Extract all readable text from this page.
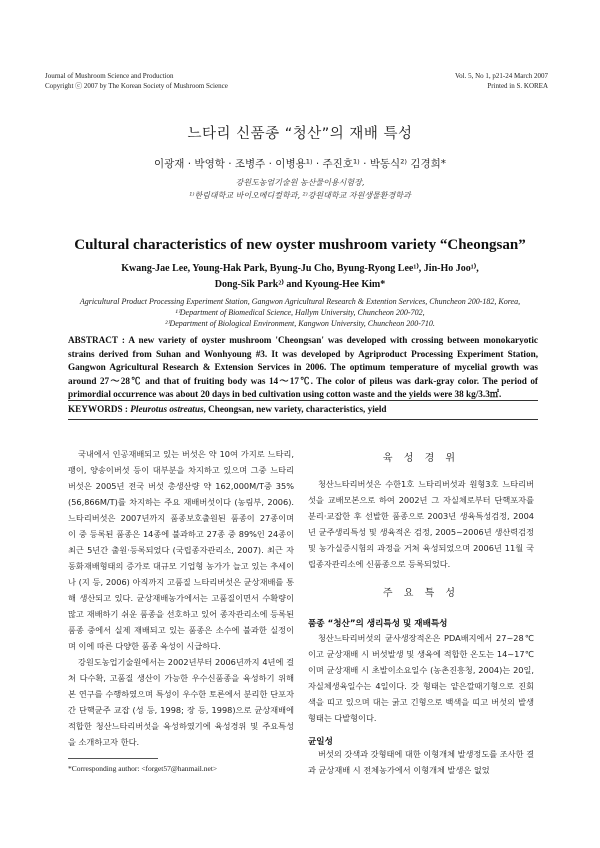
Journal of Mushroom Science and Production
Copyright ⓒ 2007 by The Korean Society of Mushroom Science
Vol. 5, No 1, p21-24 March 2007
Printed in S. KOREA
느타리 신품종 “청산”의 재배 특성
이광재 · 박영학 · 조병주 · 이병용¹⁾ · 주진호¹⁾ · 박동식²⁾ 김경희*
강원도농업기술원 농산물이용시험장,
¹⁾한림대학교 바이오메디컬학과, ²⁾강원대학교 자원생물환경학과
Cultural characteristics of new oyster mushroom variety “Cheongsan”
Kwang-Jae Lee, Young-Hak Park, Byung-Ju Cho, Byung-Ryong Lee¹⁾, Jin-Ho Joo¹⁾,
Dong-Sik Park²⁾ and Kyoung-Hee Kim*
Agricultural Product Processing Experiment Station, Gangwon Agricultural Research & Extention Services, Chuncheon 200-182, Korea,
¹⁾Department of Biomedical Science, Hallym University, Chuncheon 200-702,
²⁾Department of Biological Environment, Kangwon University, Chuncheon 200-710.
ABSTRACT : A new variety of oyster mushroom 'Cheongsan' was developed with crossing between monokaryotic strains derived from Suhan and Wonhyoung #3. It was developed by Agriproduct Processing Experiment Station, Gangwon Agricultural Research & Extension Services in 2006. The optimum temperature of mycelial growth was around 27～28℃ and that of fruiting body was 14～17℃. The color of pileus was dark-gray color. The period of primordial occurrence was about 20 days in bed cultivation using cotton waste and the yields were 38 kg/3.3㎡.
KEYWORDS : Pleurotus ostreatus, Cheongsan, new variety, characteristics, yield

국내에서 인공재배되고 있는 버섯은 약 10여 가지로 느타리, 팽이, 양송이버섯 등이 대부분을 차지하고 있으며 그중 느타리버섯은 2005년 전국 버섯 총생산량 약 162,000M/T중 35% (56,866M/T)를 차지하는 주요 재배버섯이다 (농림부, 2006). 느타리버섯은 2007년까지 품종보호출원된 품종이 27종이며 이 중 등록된 품종은 14종에 불과하고 27종 중 89%인 24종이 최근 5년간 출원·등록되었다 (국립종자관리소, 2007). 최근 자동화재배형태의 증가로 대규모 기업형 농가가 늘고 있는 추세이나 (지 등, 2006) 아직까지 고품질 느타리버섯은 균상재배를 통해 생산되고 있다. 균상재배농가에서는 고품질이면서 수확량이 많고 재배하기 쉬운 품종을 선호하고 있어 종자관리소에 등록된 품종 중에서 실제 재배되고 있는 품종은 소수에 불과한 실정이며 이에 따른 다양한 품종 육성이 시급하다.

강원도농업기술원에서는 2002년부터 2006년까지 4년에 걸쳐 다수확, 고품질 생산이 가능한 우수신품종을 육성하기 위해 본 연구를 수행하였으며 특성이 우수한 토론에서 분리한 단포자간 단핵균주 교잡 (성 등, 1998; 장 등, 1998)으로 균상재배에 적합한 청산느타리버섯을 육성하였기에 육성경위 및 주요특성을 소개하고자 한다.

육 성 경 위

청산느타리버섯은 수한1호 느타리버섯과 원형3호 느타리버섯을 교배모본으로 하여 2002년 그 자실체로부터 단핵포자를 분리·교잡한 후 선발한 품종으로 2003년 생육특성검정, 2004년 균주생리특성 및 생육적온 검정, 2005~2006년 생산력검정 및 농가실증시험의 과정을 거쳐 육성되었으며 2006년 11월 국립종자관리소에 신품종으로 등록되었다.

주 요 특 성
품종 “청산”의 생리특성 및 재배특성

청산느타리버섯의 균사생장적온은 PDA배지에서 27~28℃이고 균상재배 시 버섯발생 및 생육에 적합한 온도는 14~17℃이며 균상재배 시 초발이소요일수 (농촌진흥청, 2004)는 20일, 자실체생육일수는 4일이다. 갓 형태는 얕은깔때기형으로 진회색을 띠고 있으며 대는 굵고 긴형으로 백색을 띠고 버섯의 발생형태는 다발형이다.

균일성

버섯의 갓색과 갓형태에 대한 이형개체 발생정도를 조사한 결과 균상재배 시 전체농가에서 이형개체 발생은 없었

*Corresponding author: <forget57@hanmail.net>
